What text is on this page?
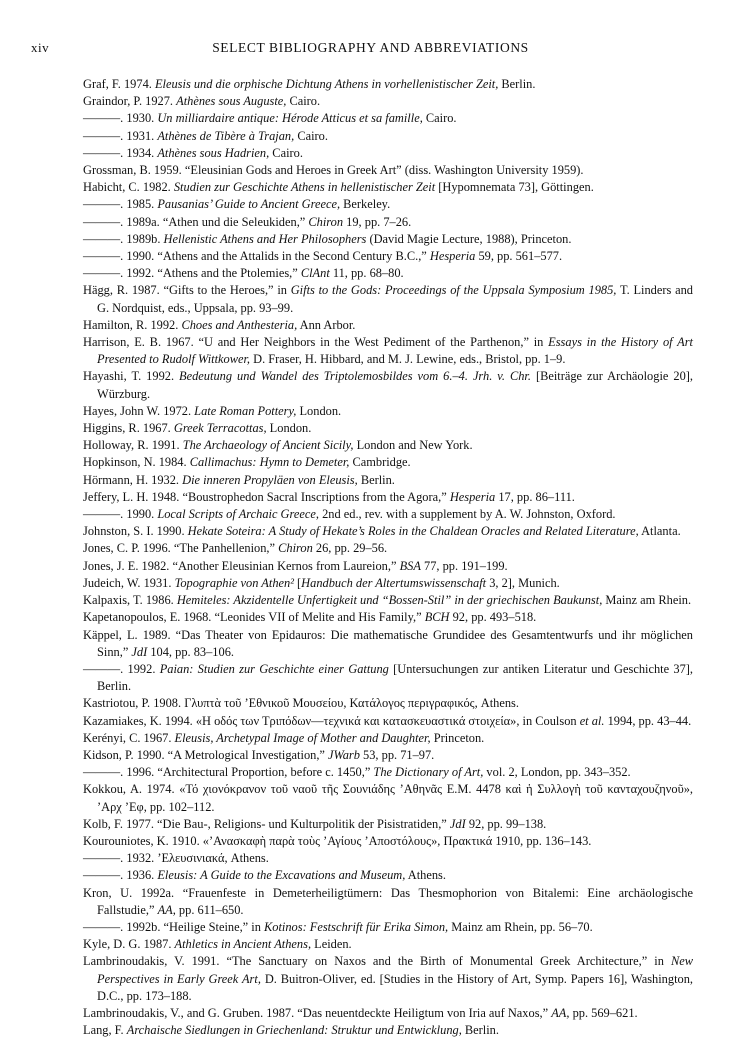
xiv	SELECT BIBLIOGRAPHY AND ABBREVIATIONS

Graf, F. 1974. Eleusis und die orphische Dichtung Athens in vorhellenistischer Zeit, Berlin.

Graindor, P. 1927. Athènes sous Auguste, Cairo.

———. 1930. Un milliardaire antique: Hérode Atticus et sa famille, Cairo.

———. 1931. Athènes de Tibère à Trajan, Cairo.

———. 1934. Athènes sous Hadrien, Cairo.

Grossman, B. 1959. “Eleusinian Gods and Heroes in Greek Art” (diss. Washington University 1959).

Habicht, C. 1982. Studien zur Geschichte Athens in hellenistischer Zeit [Hypomnemata 73], Göttingen.

———. 1985. Pausanias’ Guide to Ancient Greece, Berkeley.

———. 1989a. “Athen und die Seleukiden,” Chiron 19, pp. 7–26.

———. 1989b. Hellenistic Athens and Her Philosophers (David Magie Lecture, 1988), Princeton.

———. 1990. “Athens and the Attalids in the Second Century B.C.,” Hesperia 59, pp. 561–577.

———. 1992. “Athens and the Ptolemies,” ClAnt 11, pp. 68–80.

Hägg, R. 1987. “Gifts to the Heroes,” in Gifts to the Gods: Proceedings of the Uppsala Symposium 1985, T. Linders and G. Nordquist, eds., Uppsala, pp. 93–99.

Hamilton, R. 1992. Choes and Anthesteria, Ann Arbor.

Harrison, E. B. 1967. “U and Her Neighbors in the West Pediment of the Parthenon,” in Essays in the History of Art Presented to Rudolf Wittkower, D. Fraser, H. Hibbard, and M. J. Lewine, eds., Bristol, pp. 1–9.

Hayashi, T. 1992. Bedeutung und Wandel des Triptolemosbildes vom 6.–4. Jrh. v. Chr. [Beiträge zur Archäologie 20], Würzburg.

Hayes, John W. 1972. Late Roman Pottery, London.

Higgins, R. 1967. Greek Terracottas, London.

Holloway, R. 1991. The Archaeology of Ancient Sicily, London and New York.

Hopkinson, N. 1984. Callimachus: Hymn to Demeter, Cambridge.

Hörmann, H. 1932. Die inneren Propyläen von Eleusis, Berlin.

Jeffery, L. H. 1948. “Boustrophedon Sacral Inscriptions from the Agora,” Hesperia 17, pp. 86–111.

———. 1990. Local Scripts of Archaic Greece, 2nd ed., rev. with a supplement by A. W. Johnston, Oxford.

Johnston, S. I. 1990. Hekate Soteira: A Study of Hekate’s Roles in the Chaldean Oracles and Related Literature, Atlanta.

Jones, C. P. 1996. “The Panhellenion,” Chiron 26, pp. 29–56.

Jones, J. E. 1982. “Another Eleusinian Kernos from Laureion,” BSA 77, pp. 191–199.

Judeich, W. 1931. Topographie von Athen² [Handbuch der Altertumswissenschaft 3, 2], Munich.

Kalpaxis, T. 1986. Hemiteles: Akzidentelle Unfertigkeit und “Bossen-Stil” in der griechischen Baukunst, Mainz am Rhein.

Kapetanopoulos, E. 1968. “Leonides VII of Melite and His Family,” BCH 92, pp. 493–518.

Käppel, L. 1989. “Das Theater von Epidauros: Die mathematische Grundidee des Gesamtentwurfs und ihr möglichen Sinn,” JdI 104, pp. 83–106.

———. 1992. Paian: Studien zur Geschichte einer Gattung [Untersuchungen zur antiken Literatur und Geschichte 37], Berlin.

Kastriotou, P. 1908. Γλυπτὰ τοῦ ’Εθνικοῦ Μουσείου, Κατάλογος περιγραφικός, Athens.

Kazamiakes, K. 1994. «Η οδός των Τριπόδων—τεχνικά και κατασκευαστικά στοιχεία», in Coulson et al. 1994, pp. 43–44.

Kerényi, C. 1967. Eleusis, Archetypal Image of Mother and Daughter, Princeton.

Kidson, P. 1990. “A Metrological Investigation,” JWarb 53, pp. 71–97.

———. 1996. “Architectural Proportion, before c. 1450,” The Dictionary of Art, vol. 2, London, pp. 343–352.

Kokkou, A. 1974. «Τό χιονόκρανον τοῦ ναοῦ τῆς Σουνιάδης ’Αθηνᾶς E.M. 4478 καὶ ἡ Συλλογὴ τοῦ κανταχουζηνοῦ», ’Αρχ ’Εφ, pp. 102–112.

Kolb, F. 1977. “Die Bau-, Religions- und Kulturpolitik der Pisistratiden,” JdI 92, pp. 99–138.

Kourouniotes, K. 1910. «’Ανασκαφὴ παρὰ τοὺς ’Αγίους ’Αποστόλους», Πρακτικά 1910, pp. 136–143.

———. 1932. ’Ελευσινιακά, Athens.

———. 1936. Eleusis: A Guide to the Excavations and Museum, Athens.

Kron, U. 1992a. “Frauenfeste in Demeterheiligtümern: Das Thesmophorion von Bitalemi: Eine archäologische Fallstudie,” AA, pp. 611–650.

———. 1992b. “Heilige Steine,” in Kotinos: Festschrift für Erika Simon, Mainz am Rhein, pp. 56–70.

Kyle, D. G. 1987. Athletics in Ancient Athens, Leiden.

Lambrinoudakis, V. 1991. “The Sanctuary on Naxos and the Birth of Monumental Greek Architecture,” in New Perspectives in Early Greek Art, D. Buitron-Oliver, ed. [Studies in the History of Art, Symp. Papers 16], Washington, D.C., pp. 173–188.

Lambrinoudakis, V., and G. Gruben. 1987. “Das neuentdeckte Heiligtum von Iria auf Naxos,” AA, pp. 569–621.

Lang, F. Archaische Siedlungen in Griechenland: Struktur und Entwicklung, Berlin.
